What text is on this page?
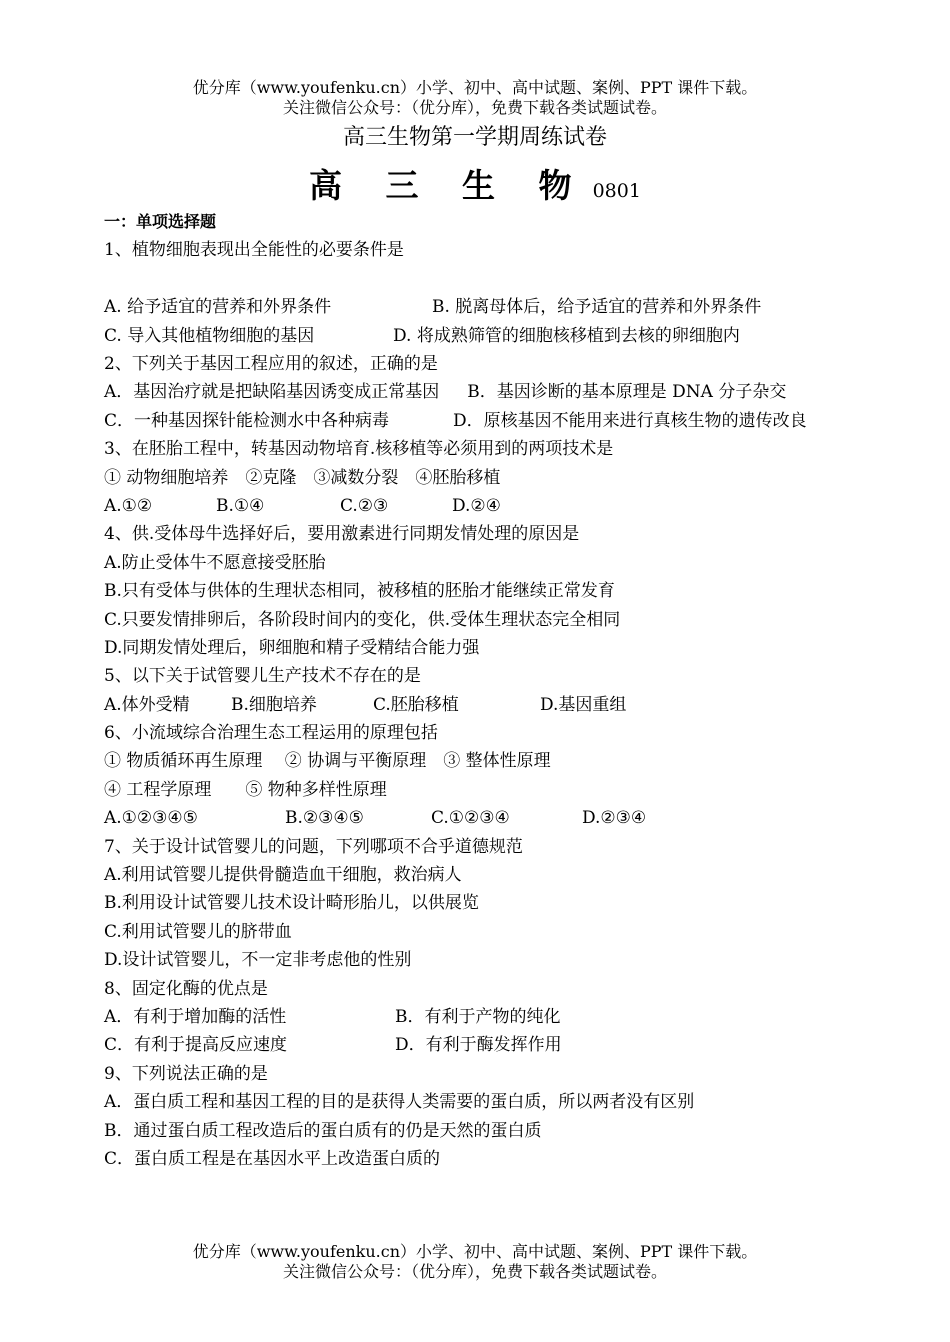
优分库（www.youfenku.cn）小学、初中、高中试题、案例、PPT 课件下载。
关注微信公众号：（优分库），免费下载各类试题试卷。
高三生物第一学期周练试卷
高 三 生 物 0801
一：单项选择题
1、植物细胞表现出全能性的必要条件是
A. 给予适宜的营养和外界条件	B. 脱离母体后，给予适宜的营养和外界条件
C. 导入其他植物细胞的基因	D. 将成熟筛管的细胞核移植到去核的卵细胞内
2、下列关于基因工程应用的叙述，正确的是
A．基因治疗就是把缺陷基因诱变成正常基因 B．基因诊断的基本原理是 DNA 分子杂交
C．一种基因探针能检测水中各种病毒	D．原核基因不能用来进行真核生物的遗传改良
3、在胚胎工程中，转基因动物培育.核移植等必须用到的两项技术是
① 动物细胞培养　②克隆　③减数分裂　④胚胎移植
A.①②	B.①④	C.②③	D.②④
4、供.受体母牛选择好后，要用激素进行同期发情处理的原因是
A.防止受体牛不愿意接受胚胎
B.只有受体与供体的生理状态相同，被移植的胚胎才能继续正常发育
C.只要发情排卵后，各阶段时间内的变化，供.受体生理状态完全相同
D.同期发情处理后，卵细胞和精子受精结合能力强
5、以下关于试管婴儿生产技术不存在的是
A.体外受精 B.细胞培养	C.胚胎移植	D.基因重组
6、小流域综合治理生态工程运用的原理包括
① 物质循环再生原理　 ② 协调与平衡原理　③ 整体性原理
④ 工程学原理　　⑤ 物种多样性原理
A.①②③④⑤	B.②③④⑤	C.①②③④	D.②③④
7、关于设计试管婴儿的问题，下列哪项不合乎道德规范
A.利用试管婴儿提供骨髓造血干细胞，救治病人
B.利用设计试管婴儿技术设计畸形胎儿，以供展览
C.利用试管婴儿的脐带血
D.设计试管婴儿，不一定非考虑他的性别
8、固定化酶的优点是
A．有利于增加酶的活性	B．有利于产物的纯化
C．有利于提高反应速度	D．有利于酶发挥作用
9、下列说法正确的是
A．蛋白质工程和基因工程的目的是获得人类需要的蛋白质，所以两者没有区别
B．通过蛋白质工程改造后的蛋白质有的仍是天然的蛋白质
C．蛋白质工程是在基因水平上改造蛋白质的
优分库（www.youfenku.cn）小学、初中、高中试题、案例、PPT 课件下载。
关注微信公众号：（优分库），免费下载各类试题试卷。
